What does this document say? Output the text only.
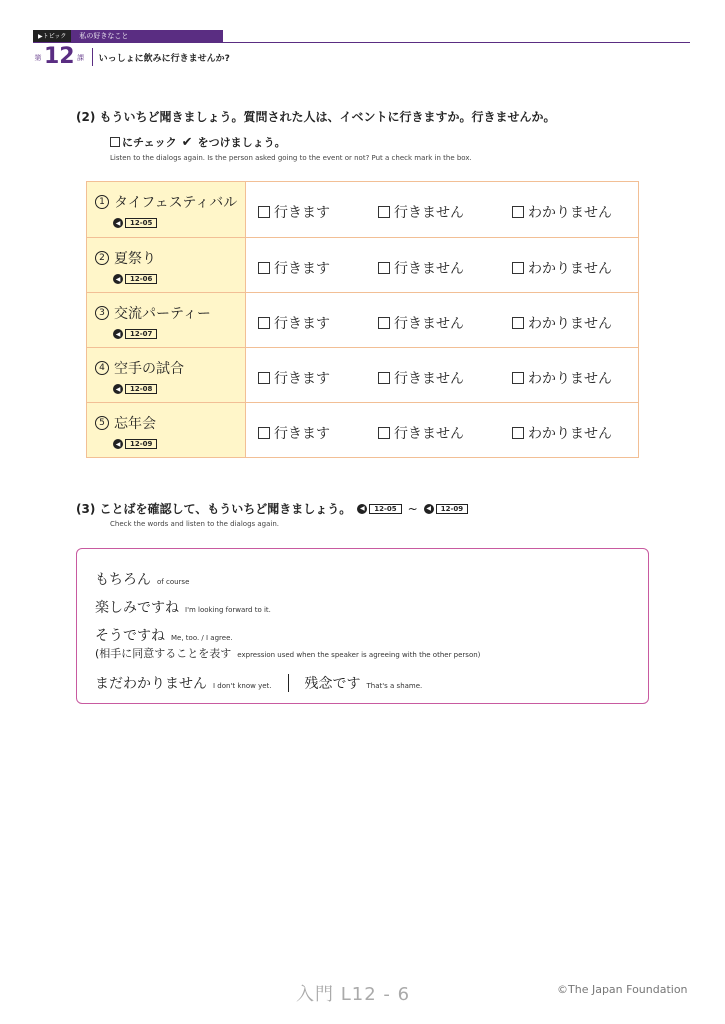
▶トピック	私の好きなこと
第 12 課 いっしょに飲みに行きませんか?
(2) もういちど聞きましょう。質問された人は、イベントに行きますか。行きませんか。
にチェック ✔ をつけましょう。
Listen to the dialogs again. Is the person asked going to the event or not? Put a check mark in the box.
1 タイフェスティバル
◀	12-05
行きます	行きません	わかりません
2 夏祭り
◀	12-06
行きます	行きません	わかりません
3 交流パーティー
◀	12-07
行きます	行きません	わかりません
4 空手の試合
◀	12-08
行きます	行きません	わかりません
5 忘年会
◀	12-09
行きます	行きません	わかりません
(3) ことばを確認して、もういちど聞きましょう。	◀	12-05 ~	◀	12-09
Check the words and listen to the dialogs again.
もちろん of course
楽しみですね I'm looking forward to it.
そうですね Me, too. / I agree.
(相手に同意することを表す expression used when the speaker is agreeing with the other person)
まだわかりません I don't know yet. 残念です That's a shame.
入門 L12 - 6	©The Japan Foundation
